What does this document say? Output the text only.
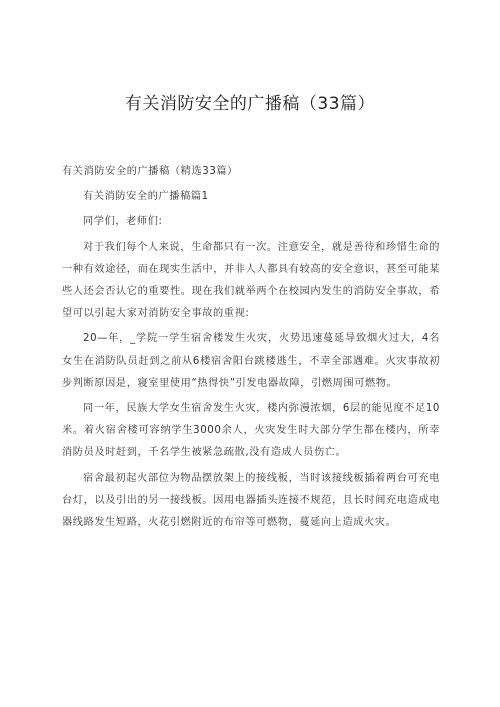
有关消防安全的广播稿（33篇）

有关消防安全的广播稿（精选33篇）

有关消防安全的广播稿篇1

同学们，老师们:

对于我们每个人来说，生命都只有一次。注意安全，就是善待和珍惜生命的一种有效途径，而在现实生活中，并非人人都具有较高的安全意识，甚至可能某些人还会否认它的重要性。现在我们就举两个在校园内发生的消防安全事故，希望可以引起大家对消防安全事故的重视:

20—年，_学院一学生宿舍楼发生火灾，火势迅速蔓延导致烟火过大，4名女生在消防队员赶到之前从6楼宿舍阳台跳楼逃生，不幸全部遇难。火灾事故初步判断原因是，寝室里使用“热得快”引发电器故障，引燃周围可燃物。

同一年，民族大学女生宿舍发生火灾，楼内弥漫浓烟，6层的能见度不足10米。着火宿舍楼可容纳学生3000余人，火灾发生时大部分学生都在楼内，所幸消防员及时赶到，千名学生被紧急疏散,没有造成人员伤亡。

宿舍最初起火部位为物品摆放架上的接线板，当时该接线板插着两台可充电台灯，以及引出的另一接线板。因用电器插头连接不规范，且长时间充电造成电器线路发生短路，火花引燃附近的布帘等可燃物，蔓延向上造成火灾。
